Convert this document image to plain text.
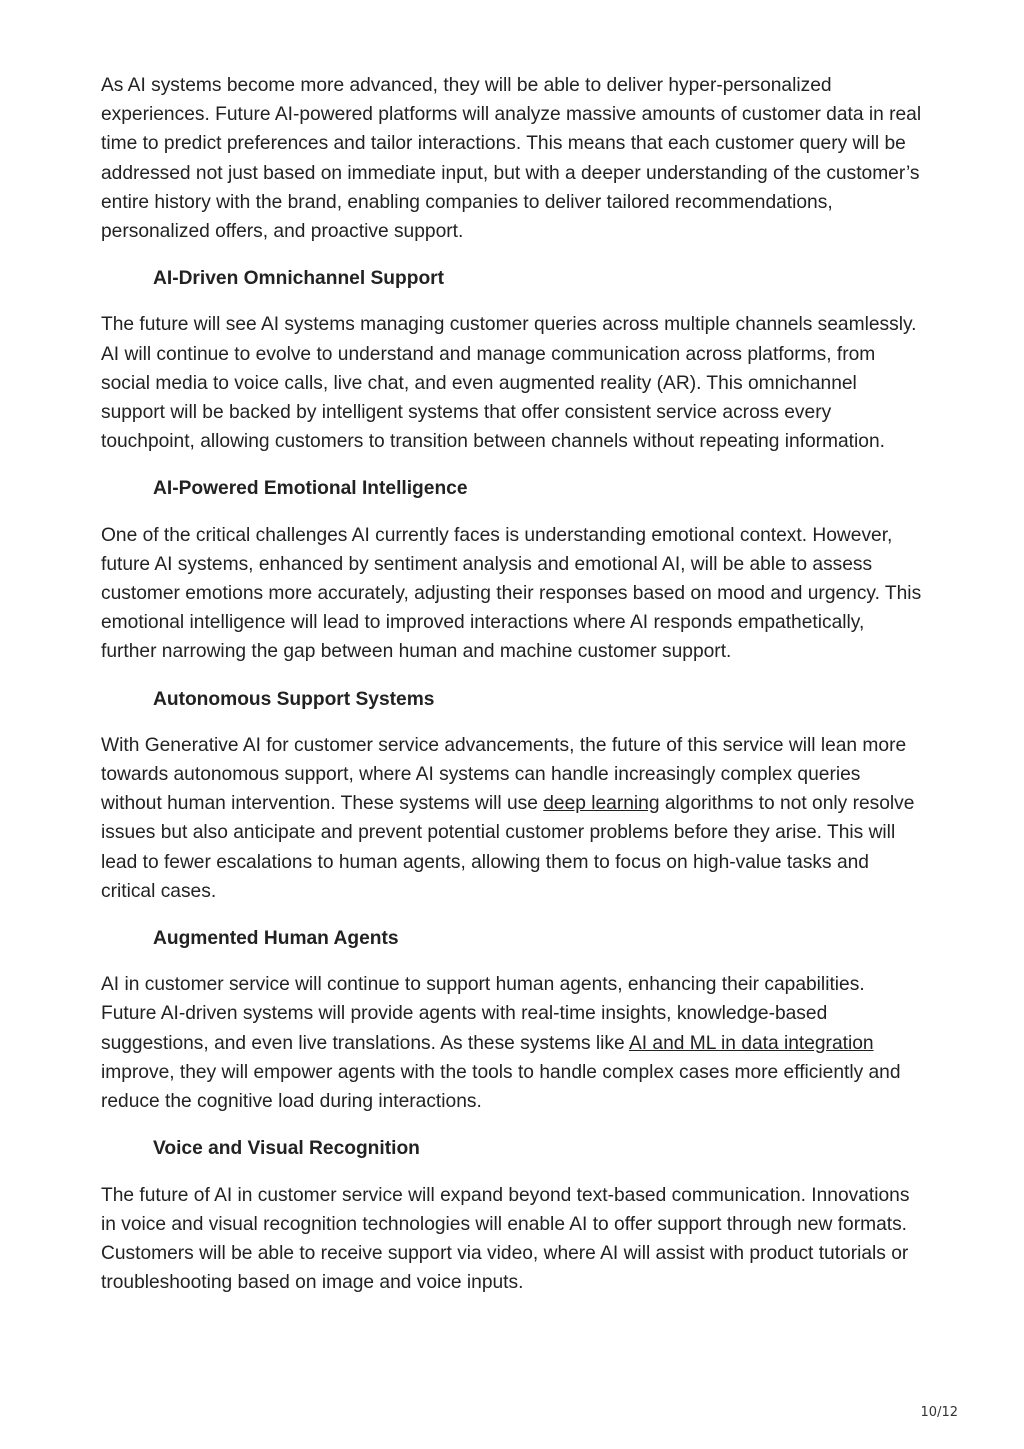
As AI systems become more advanced, they will be able to deliver hyper-personalized experiences. Future AI-powered platforms will analyze massive amounts of customer data in real time to predict preferences and tailor interactions. This means that each customer query will be addressed not just based on immediate input, but with a deeper understanding of the customer’s entire history with the brand, enabling companies to deliver tailored recommendations, personalized offers, and proactive support.

AI-Driven Omnichannel Support

The future will see AI systems managing customer queries across multiple channels seamlessly. AI will continue to evolve to understand and manage communication across platforms, from social media to voice calls, live chat, and even augmented reality (AR). This omnichannel support will be backed by intelligent systems that offer consistent service across every touchpoint, allowing customers to transition between channels without repeating information.

AI-Powered Emotional Intelligence

One of the critical challenges AI currently faces is understanding emotional context. However, future AI systems, enhanced by sentiment analysis and emotional AI, will be able to assess customer emotions more accurately, adjusting their responses based on mood and urgency. This emotional intelligence will lead to improved interactions where AI responds empathetically, further narrowing the gap between human and machine customer support.

Autonomous Support Systems

With Generative AI for customer service advancements, the future of this service will lean more towards autonomous support, where AI systems can handle increasingly complex queries without human intervention. These systems will use deep learning algorithms to not only resolve issues but also anticipate and prevent potential customer problems before they arise. This will lead to fewer escalations to human agents, allowing them to focus on high-value tasks and critical cases.

Augmented Human Agents

AI in customer service will continue to support human agents, enhancing their capabilities. Future AI-driven systems will provide agents with real-time insights, knowledge-based suggestions, and even live translations. As these systems like AI and ML in data integration improve, they will empower agents with the tools to handle complex cases more efficiently and reduce the cognitive load during interactions.

Voice and Visual Recognition

The future of AI in customer service will expand beyond text-based communication. Innovations in voice and visual recognition technologies will enable AI to offer support through new formats. Customers will be able to receive support via video, where AI will assist with product tutorials or troubleshooting based on image and voice inputs.

10/12
